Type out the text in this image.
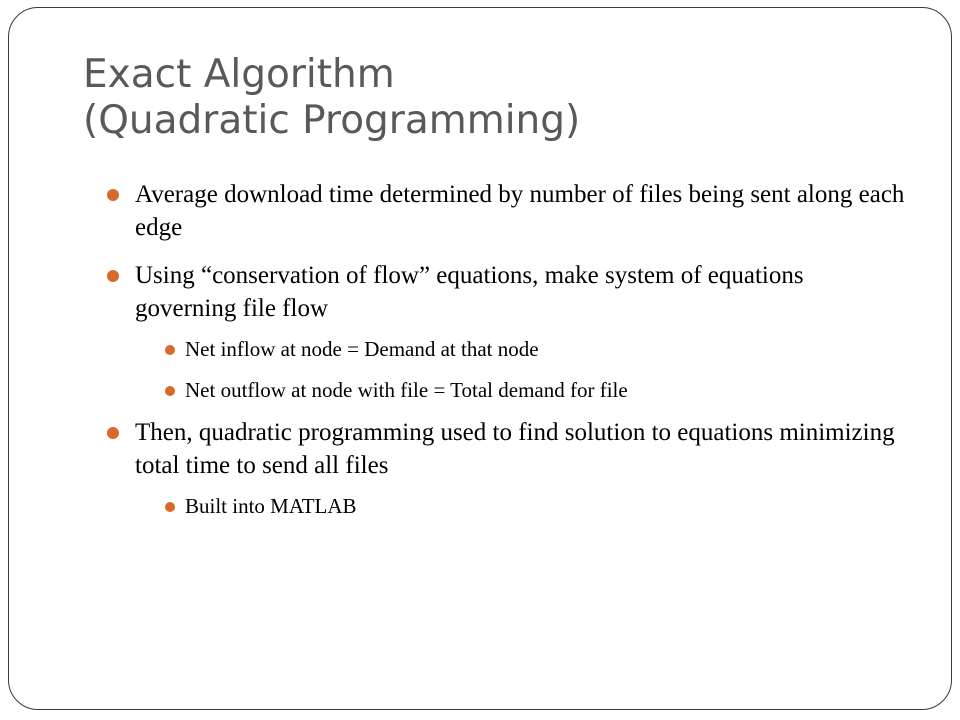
Exact Algorithm
(Quadratic Programming)
Average download time determined by number of files being sent along each edge
Using “conservation of flow” equations, make system of equations governing file flow
Net inflow at node = Demand at that node
Net outflow at node with file = Total demand for file
Then, quadratic programming used to find solution to equations minimizing total time to send all files
Built into MATLAB
